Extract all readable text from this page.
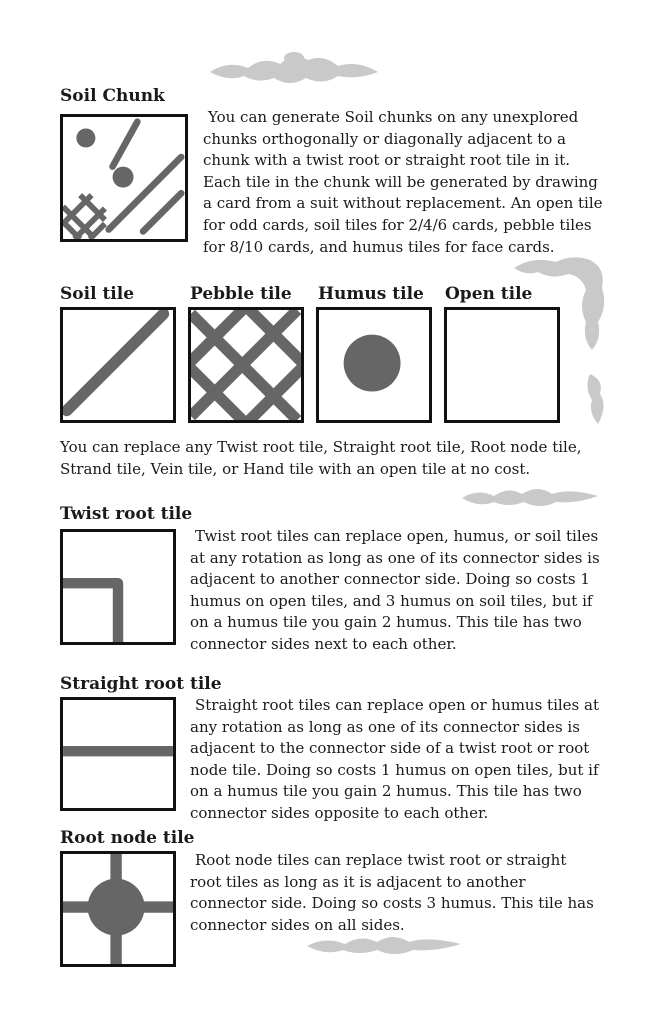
Soil Chunk
You can generate Soil chunks on any unexplored chunks orthogonally or diagonally adjacent to a chunk with a twist root or straight root tile in it. Each tile in the chunk will be generated by drawing a card from a suit without replacement. An open tile for odd cards, soil tiles for 2/4/6 cards, pebble tiles for 8/10 cards, and humus tiles for face cards.
Soil tile	Pebble tile Humus tile Open tile
You can replace any Twist root tile, Straight root tile, Root node tile, Strand tile, Vein tile, or Hand tile with an open tile at no cost.
Twist root tile
Twist root tiles can replace open, humus, or soil tiles at any rotation as long as one of its connector sides is adjacent to another connector side. Doing so costs 1 humus on open tiles, and 3 humus on soil tiles, but if on a humus tile you gain 2 humus. This tile has two connector sides next to each other.
Straight root tile
Straight root tiles can replace open or humus tiles at any rotation as long as one of its connector sides is adjacent to the connector side of a twist root or root node tile. Doing so costs 1 humus on open tiles, but if on a humus tile you gain 2 humus. This tile has two connector sides opposite to each other.
Root node tile
Root node tiles can replace twist root or straight root tiles as long as it is adjacent to another connector side. Doing so costs 3 humus. This tile has connector sides on all sides.
